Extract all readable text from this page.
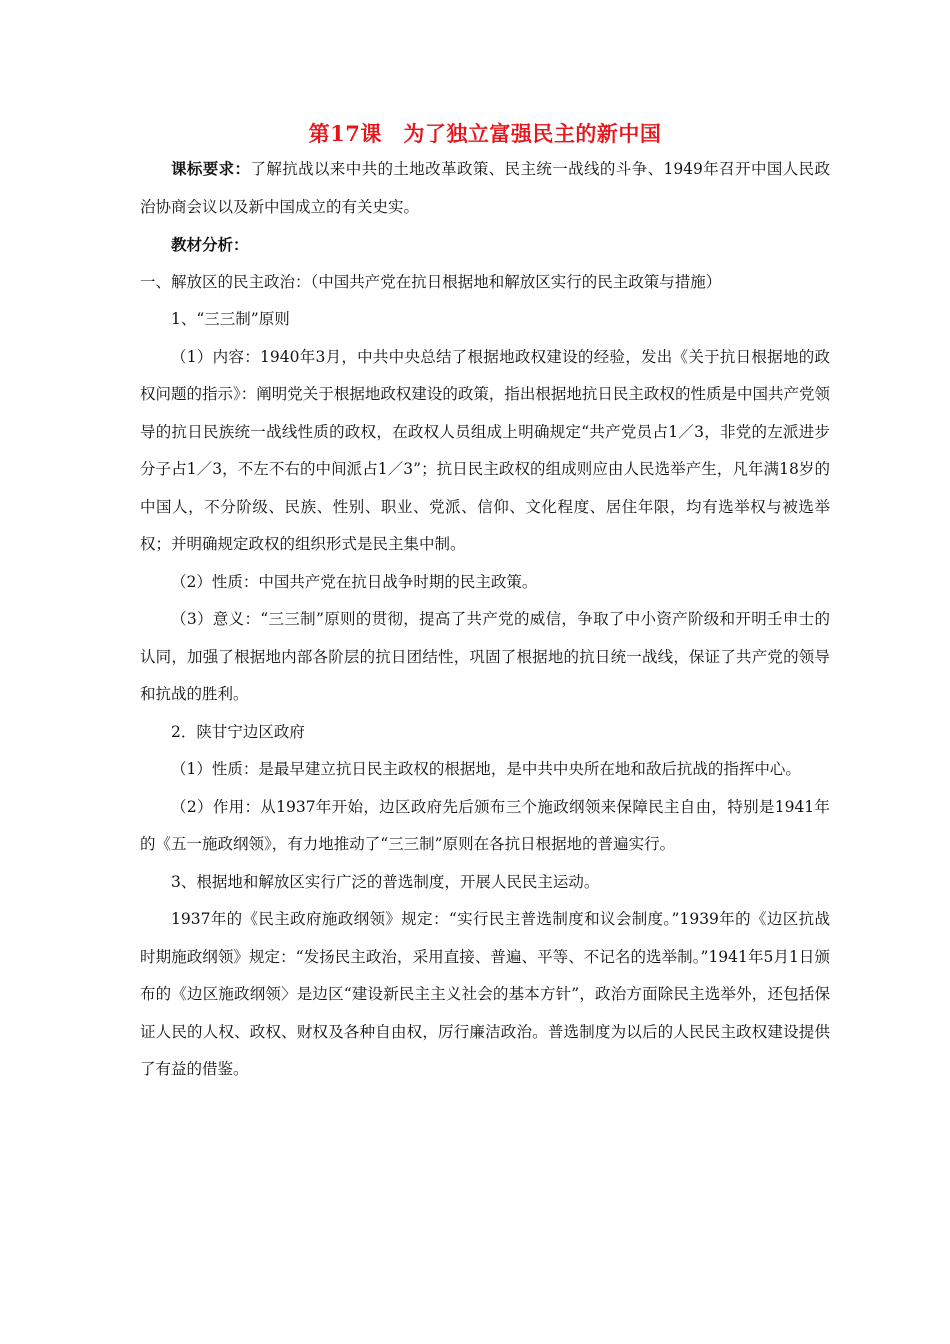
第17课　为了独立富强民主的新中国

课标要求：了解抗战以来中共的土地改革政策、民主统一战线的斗争、1949年召开中国人民政治协商会议以及新中国成立的有关史实。

教材分析：

一、解放区的民主政治：（中国共产党在抗日根据地和解放区实行的民主政策与措施）

1、“三三制”原则

（1）内容：1940年3月，中共中央总结了根据地政权建设的经验，发出《关于抗日根据地的政权问题的指示》：阐明党关于根据地政权建设的政策，指出根据地抗日民主政权的性质是中国共产党领导的抗日民族统一战线性质的政权，在政权人员组成上明确规定“共产党员占1／3，非党的左派进步分子占1／3，不左不右的中间派占1／3”；抗日民主政权的组成则应由人民选举产生，凡年满18岁的中国人，不分阶级、民族、性别、职业、党派、信仰、文化程度、居住年限，均有选举权与被选举权；并明确规定政权的组织形式是民主集中制。

（2）性质：中国共产党在抗日战争时期的民主政策。

（3）意义：“三三制”原则的贯彻，提高了共产党的威信，争取了中小资产阶级和开明壬申士的认同，加强了根据地内部各阶层的抗日团结性，巩固了根据地的抗日统一战线，保证了共产党的领导和抗战的胜利。

2．陕甘宁边区政府

（1）性质：是最早建立抗日民主政权的根据地，是中共中央所在地和敌后抗战的指挥中心。

（2）作用：从1937年开始，边区政府先后颁布三个施政纲领来保障民主自由，特别是1941年的《五一施政纲领》，有力地推动了“三三制”原则在各抗日根据地的普遍实行。

3、根据地和解放区实行广泛的普选制度，开展人民民主运动。

1937年的《民主政府施政纲领》规定：“实行民主普选制度和议会制度。”1939年的《边区抗战时期施政纲领》规定：“发扬民主政治，采用直接、普遍、平等、不记名的选举制。”1941年5月1日颁布的《边区施政纲领〉是边区“建设新民主主义社会的基本方针”，政治方面除民主选举外，还包括保证人民的人权、政权、财权及各种自由权，厉行廉洁政治。普选制度为以后的人民民主政权建设提供了有益的借鉴。
